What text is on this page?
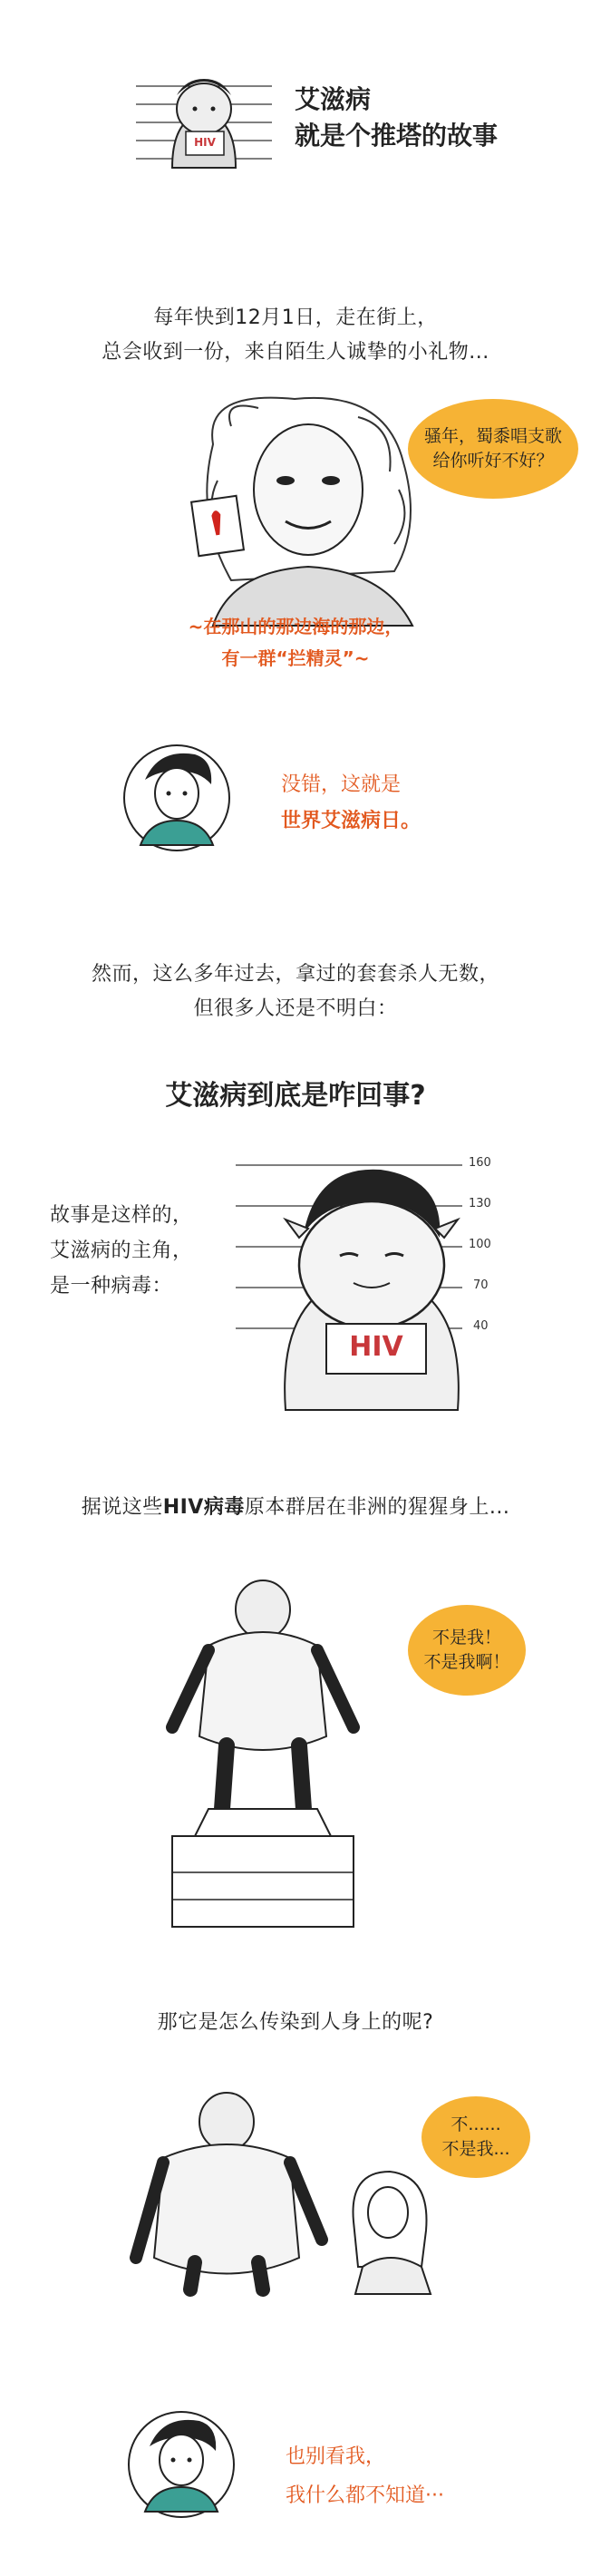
HIV
艾滋病
就是个推塔的故事
每年快到12月1日，走在街上，
总会收到一份，来自陌生人诚挚的小礼物...
骚年，蜀黍唱支歌
给你听好不好？
~在那山的那边海的那边，
有一群“拦精灵”~
没错，这就是
世界艾滋病日。
然而，这么多年过去，拿过的套套杀人无数，
但很多人还是不明白：
艾滋病到底是咋回事?
故事是这样的，
艾滋病的主角，
是一种病毒：
HIV
160
130
100
70
40
据说这些HIV病毒原本群居在非洲的猩猩身上...
不是我！
不是我啊！
那它是怎么传染到人身上的呢?
不......
不是我...
也别看我，
我什么都不知道···
